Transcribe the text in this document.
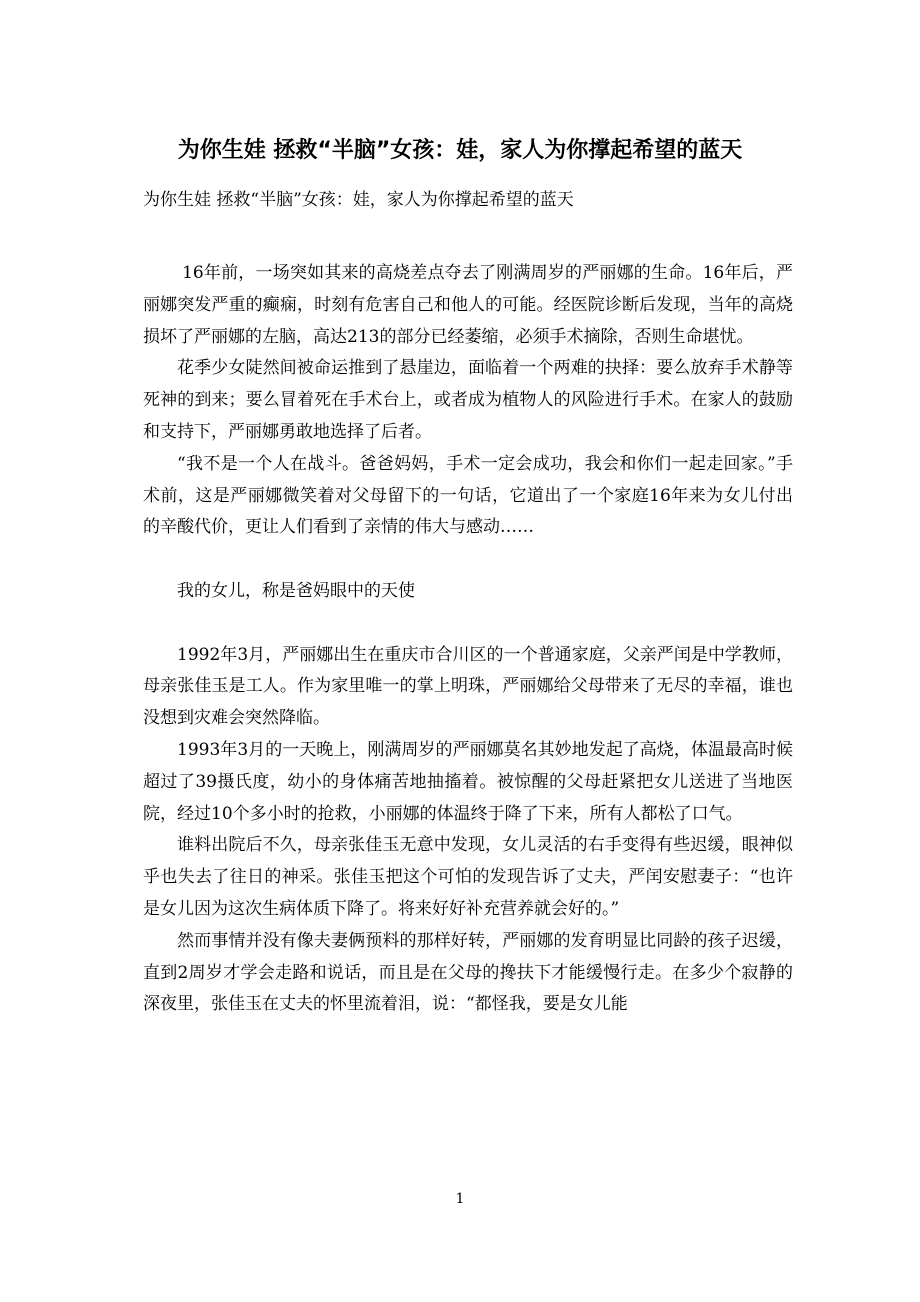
为你生娃 拯救“半脑”女孩：娃，家人为你撑起希望的蓝天

为你生娃 拯救“半脑”女孩：娃，家人为你撑起希望的蓝天

16年前，一场突如其来的高烧差点夺去了刚满周岁的严丽娜的生命。16年后，严丽娜突发严重的癫痫，时刻有危害自己和他人的可能。经医院诊断后发现，当年的高烧损坏了严丽娜的左脑，高达213的部分已经萎缩，必须手术摘除，否则生命堪忧。

花季少女陡然间被命运推到了悬崖边，面临着一个两难的抉择：要么放弃手术静等死神的到来；要么冒着死在手术台上，或者成为植物人的风险进行手术。在家人的鼓励和支持下，严丽娜勇敢地选择了后者。

“我不是一个人在战斗。爸爸妈妈，手术一定会成功，我会和你们一起走回家。”手术前，这是严丽娜微笑着对父母留下的一句话，它道出了一个家庭16年来为女儿付出的辛酸代价，更让人们看到了亲情的伟大与感动……

我的女儿，称是爸妈眼中的天使

1992年3月，严丽娜出生在重庆市合川区的一个普通家庭，父亲严闰是中学教师，母亲张佳玉是工人。作为家里唯一的掌上明珠，严丽娜给父母带来了无尽的幸福，谁也没想到灾难会突然降临。

1993年3月的一天晚上，刚满周岁的严丽娜莫名其妙地发起了高烧，体温最高时候超过了39摄氏度，幼小的身体痛苦地抽搐着。被惊醒的父母赶紧把女儿送进了当地医院，经过10个多小时的抢救，小丽娜的体温终于降了下来，所有人都松了口气。

谁料出院后不久，母亲张佳玉无意中发现，女儿灵活的右手变得有些迟缓，眼神似乎也失去了往日的神采。张佳玉把这个可怕的发现告诉了丈夫，严闰安慰妻子：“也许是女儿因为这次生病体质下降了。将来好好补充营养就会好的。”

然而事情并没有像夫妻俩预料的那样好转，严丽娜的发育明显比同龄的孩子迟缓，直到2周岁才学会走路和说话，而且是在父母的搀扶下才能缓慢行走。在多少个寂静的深夜里，张佳玉在丈夫的怀里流着泪，说：“都怪我，要是女儿能

1
